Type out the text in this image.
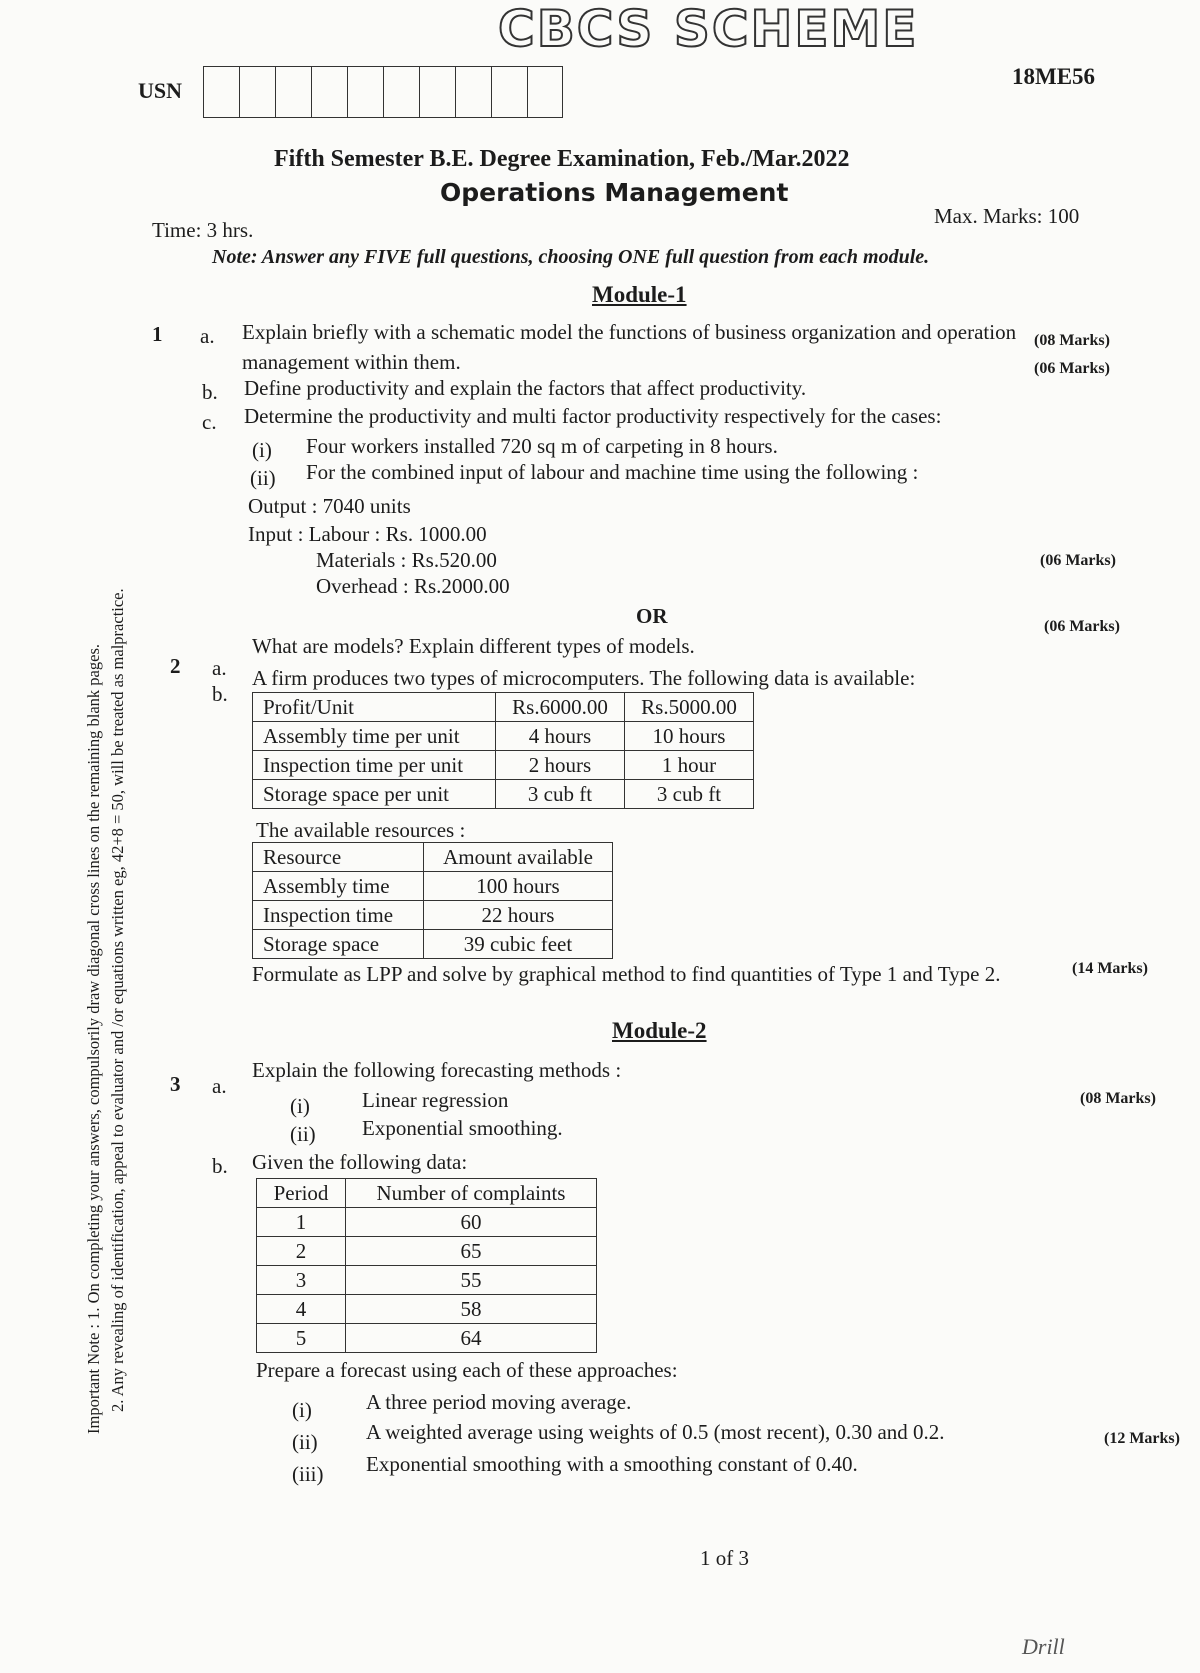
CBCS SCHEME
USN
18ME56
Fifth Semester B.E. Degree Examination, Feb./Mar.2022
Operations Management
Time: 3 hrs.
Max. Marks: 100
Note: Answer any FIVE full questions, choosing ONE full question from each module.
Important Note : 1. On completing your answers, compulsorily draw diagonal cross lines on the remaining blank pages. 2. Any revealing of identification, appeal to evaluator and /or equations written eg, 42+8 = 50, will be treated as malpractice.
Module-1
1 a. Explain briefly with a schematic model the functions of business organization and operation
management within them.
(08 Marks)
b. Define productivity and explain the factors that affect productivity.
(06 Marks)
c. Determine the productivity and multi factor productivity respectively for the cases:
(i) Four workers installed 720 sq m of carpeting in 8 hours.
(ii) For the combined input of labour and machine time using the following :
Output : 7040 units
Input : Labour : Rs. 1000.00
Materials : Rs.520.00
Overhead : Rs.2000.00
(06 Marks)
OR
2 a.
What are models? Explain different types of models.
(06 Marks)
b.
A firm produces two types of microcomputers. The following data is available:
Profit/Unit	Rs.6000.00	Rs.5000.00
Assembly time per unit	4 hours	10 hours
Inspection time per unit	2 hours	1 hour
Storage space per unit	3 cub ft	3 cub ft
The available resources :
Resource	Amount available
Assembly time	100 hours
Inspection time	22 hours
Storage space	39 cubic feet
Formulate as LPP and solve by graphical method to find quantities of Type 1 and Type 2.	(14 Marks)
Module-2
3 a.
Explain the following forecasting methods :
(i) Linear regression
(ii) Exponential smoothing.
(08 Marks)
b. Given the following data:
Period	Number of complaints
1	60
2	65
3	55
4	58
5	64
Prepare a forecast using each of these approaches:
(i)	A three period moving average.
(ii) A weighted average using weights of 0.5 (most recent), 0.30 and 0.2.
(iii) Exponential smoothing with a smoothing constant of 0.40.
(12 Marks)
1 of 3
Drill
